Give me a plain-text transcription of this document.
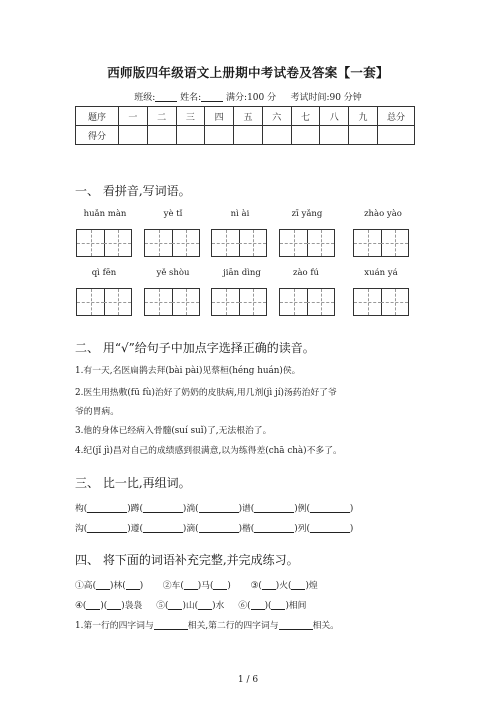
西师版四年级语文上册期中考试卷及答案【一套】
班级:	姓名:	满分:100 分 考试时间:90 分钟
题序	一	二	三	四	五	六	七	八	九	总分
得分										
一、 看拼音,写词语。
huǎn màn	yè tǐ	nì ài	zī yǎng	zhào yào
qì fēn	yě shòu	jiān dìng	zào fú	xuán yá
二、 用“√”给句子中加点字选择正确的读音。
1.有一天,名医扁鹊去拜(bài pài)见蔡桓(héng huán)侯。
2.医生用热敷(fū fù)治好了奶奶的皮肤病,用几剂(jì jí)汤药治好了爷
爷的胃病。
3.他的身体已经病入骨髓(suí suǐ)了,无法根治了。
4.纪(jǐ jì)昌对自己的成绩感到很满意,以为练得差(chā chà)不多了。
三、 比一比,再组词。
构(	)蹲(	)淌(	)谱(	)例(	)
沟(	)遵(	)滴(	)楷(	)列(	)
四、 将下面的词语补充完整,并完成练习。
①高( )林( ) ②车( )马( ) ③( )火( )煌
④( )( )袅袅 ⑤( )山( )水 ⑥( )( )相间
1.第一行的四字词与	相关,第二行的四字词与	相关。
1 / 6
